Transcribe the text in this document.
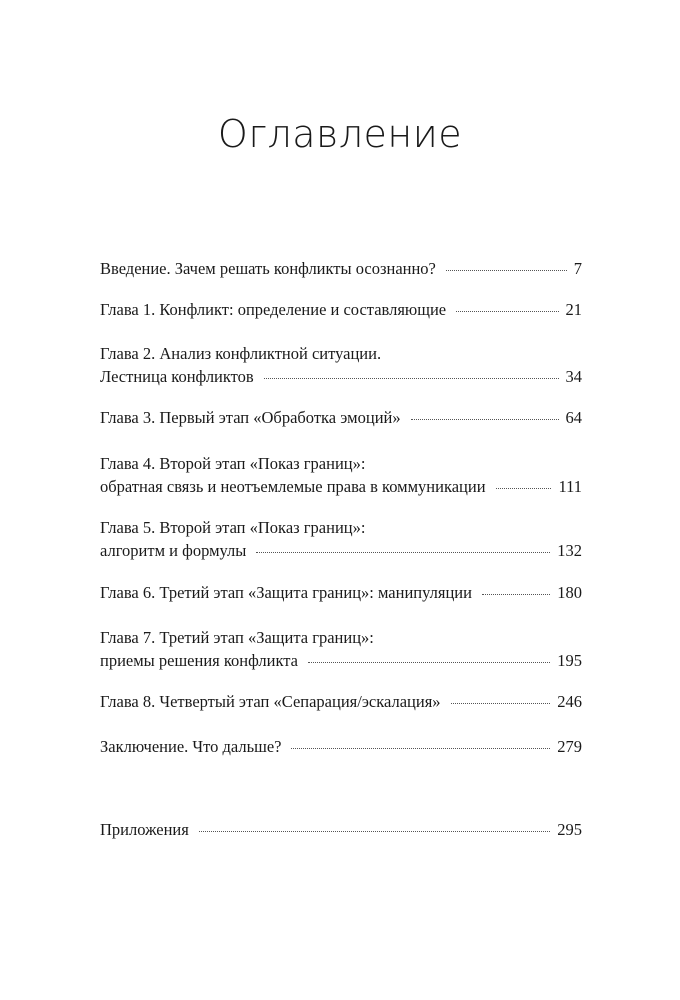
Оглавление
Введение. Зачем решать конфликты осознанно?	7
Глава 1. Конфликт: определение и составляющие	21
Глава 2. Анализ конфликтной ситуации.
Лестница конфликтов	34
Глава 3. Первый этап «Обработка эмоций»	64
Глава 4. Второй этап «Показ границ»:
обратная связь и неотъемлемые права в коммуникации	111
Глава 5. Второй этап «Показ границ»:
алгоритм и формулы	132
Глава 6. Третий этап «Защита границ»: манипуляции	180
Глава 7. Третий этап «Защита границ»:
приемы решения конфликта	195
Глава 8. Четвертый этап «Сепарация/эскалация»	246
Заключение. Что дальше?	279
Приложения	295
